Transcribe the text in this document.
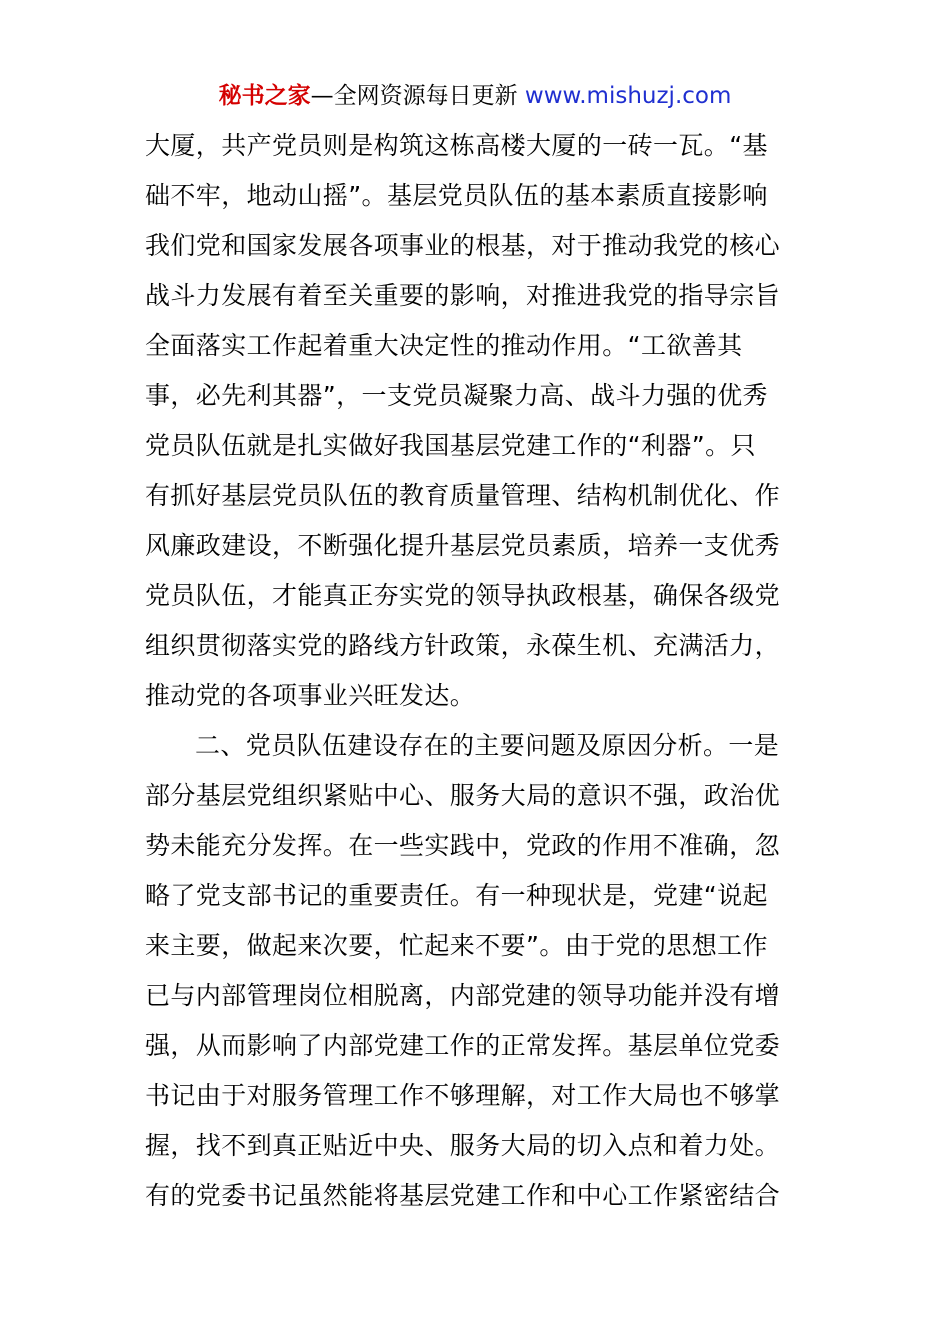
秘书之家—全网资源每日更新 www.mishuzj.com
大厦，共产党员则是构筑这栋高楼大厦的一砖一瓦。“基
础不牢，地动山摇”。基层党员队伍的基本素质直接影响
我们党和国家发展各项事业的根基，对于推动我党的核心
战斗力发展有着至关重要的影响，对推进我党的指导宗旨
全面落实工作起着重大决定性的推动作用。“工欲善其
事，必先利其器”，一支党员凝聚力高、战斗力强的优秀
党员队伍就是扎实做好我国基层党建工作的“利器”。只
有抓好基层党员队伍的教育质量管理、结构机制优化、作
风廉政建设，不断强化提升基层党员素质，培养一支优秀
党员队伍，才能真正夯实党的领导执政根基，确保各级党
组织贯彻落实党的路线方针政策，永葆生机、充满活力，
推动党的各项事业兴旺发达。
二、党员队伍建设存在的主要问题及原因分析。一是
部分基层党组织紧贴中心、服务大局的意识不强，政治优
势未能充分发挥。在一些实践中，党政的作用不准确，忽
略了党支部书记的重要责任。有一种现状是，党建“说起
来主要，做起来次要，忙起来不要”。由于党的思想工作
已与内部管理岗位相脱离，内部党建的领导功能并没有增
强，从而影响了内部党建工作的正常发挥。基层单位党委
书记由于对服务管理工作不够理解，对工作大局也不够掌
握，找不到真正贴近中央、服务大局的切入点和着力处。
有的党委书记虽然能将基层党建工作和中心工作紧密结合
